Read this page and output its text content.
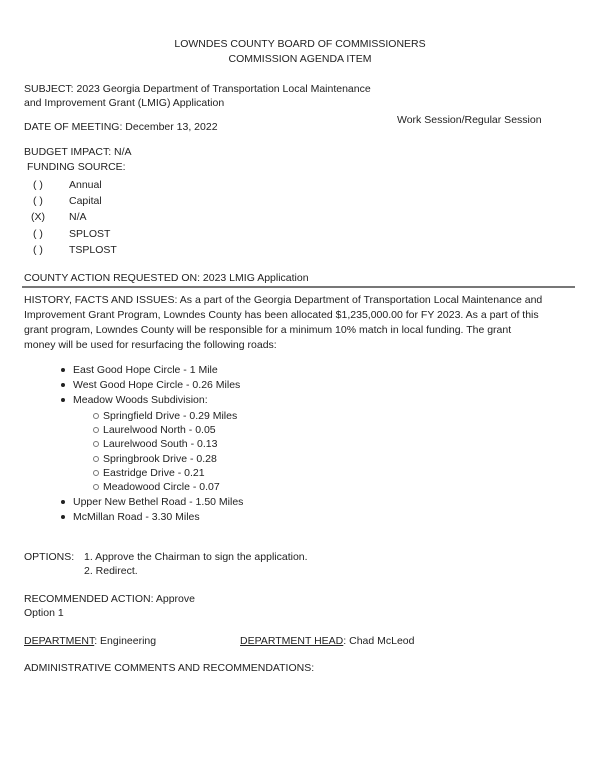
LOWNDES COUNTY BOARD OF COMMISSIONERS
COMMISSION AGENDA ITEM
SUBJECT: 2023 Georgia Department of Transportation Local Maintenance
and Improvement Grant (LMIG) Application
DATE OF MEETING: December 13, 2022
Work Session/Regular Session
BUDGET IMPACT: N/A
FUNDING SOURCE:
( ) Annual
( ) Capital
(X) N/A
( ) SPLOST
( ) TSPLOST
COUNTY ACTION REQUESTED ON: 2023 LMIG Application
HISTORY, FACTS AND ISSUES: As a part of the Georgia Department of Transportation Local Maintenance and
Improvement Grant Program, Lowndes County has been allocated $1,235,000.00 for FY 2023. As a part of this
grant program, Lowndes County will be responsible for a minimum 10% match in local funding. The grant
money will be used for resurfacing the following roads:
East Good Hope Circle - 1 Mile
West Good Hope Circle - 0.26 Miles
Meadow Woods Subdivision:
Springfield Drive - 0.29 Miles
Laurelwood North - 0.05
Laurelwood South - 0.13
Springbrook Drive - 0.28
Eastridge Drive - 0.21
Meadowood Circle - 0.07
Upper New Bethel Road - 1.50 Miles
McMillan Road - 3.30 Miles
OPTIONS: 1. Approve the Chairman to sign the application.
2. Redirect.
RECOMMENDED ACTION: Approve
Option 1
DEPARTMENT: Engineering	DEPARTMENT HEAD: Chad McLeod
ADMINISTRATIVE COMMENTS AND RECOMMENDATIONS:
